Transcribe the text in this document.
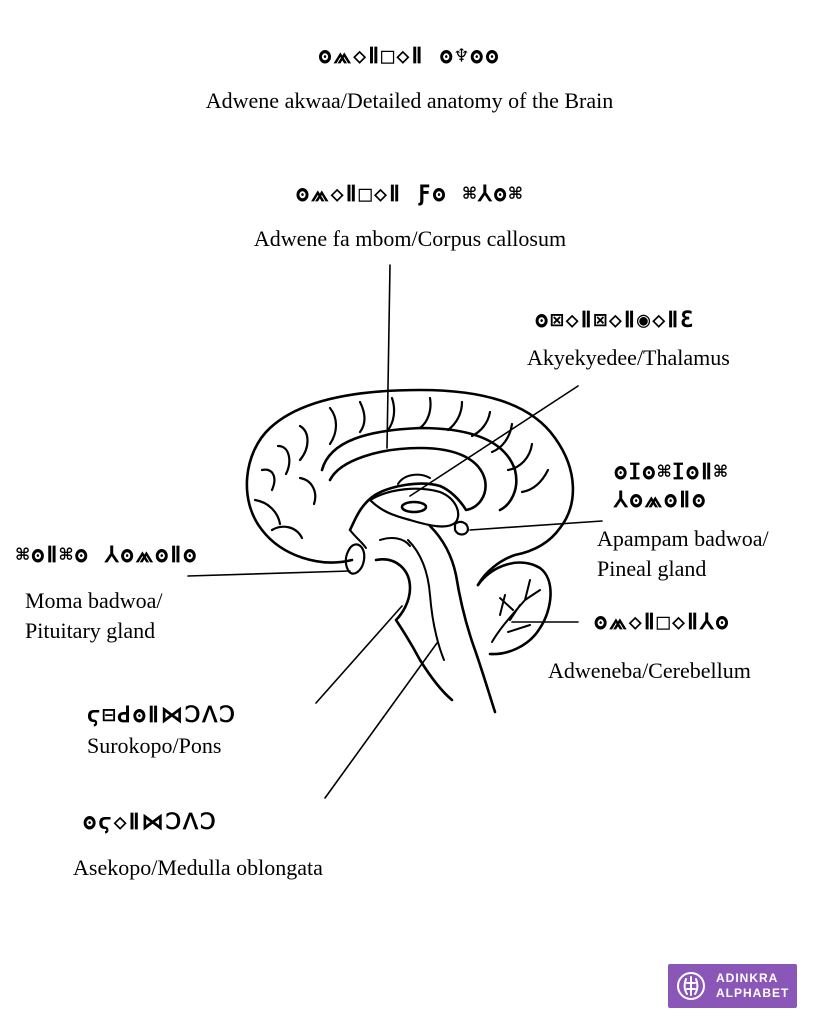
ʘ⩕◇Ⅱ□◇Ⅱ ʘ♆ʘʘ
Adwene akwaa/Detailed anatomy of the Brain
ʘ⩕◇Ⅱ□◇Ⅱ Ƒʘ ⌘⅄ʘ⌘
Adwene fa mbom/Corpus callosum
ʘ⊠◇Ⅱ⊠◇Ⅱ◉◇ⅡƐ
Akyekyedee/Thalamus
ʘⵊʘ⌘ⵊʘⅡ⌘
⅄ʘ⩕ʘⅡʘ
Apampam badwoa/
Pineal gland
⌘ʘⅡ⌘ʘ ⅄ʘ⩕ʘⅡʘ
Moma badwoa/
Pituitary gland	ʘ⩕◇Ⅱ□◇Ⅱ⅄ʘ
Adweneba/Cerebellum
ϛ⊟ꓒʘⅡ⋈ꓛꓥꓛ
Surokopo/Pons
ʘϛ◇Ⅱ⋈ꓛꓥꓛ
Asekopo/Medulla oblongata
ADINKRA
ALPHABET
